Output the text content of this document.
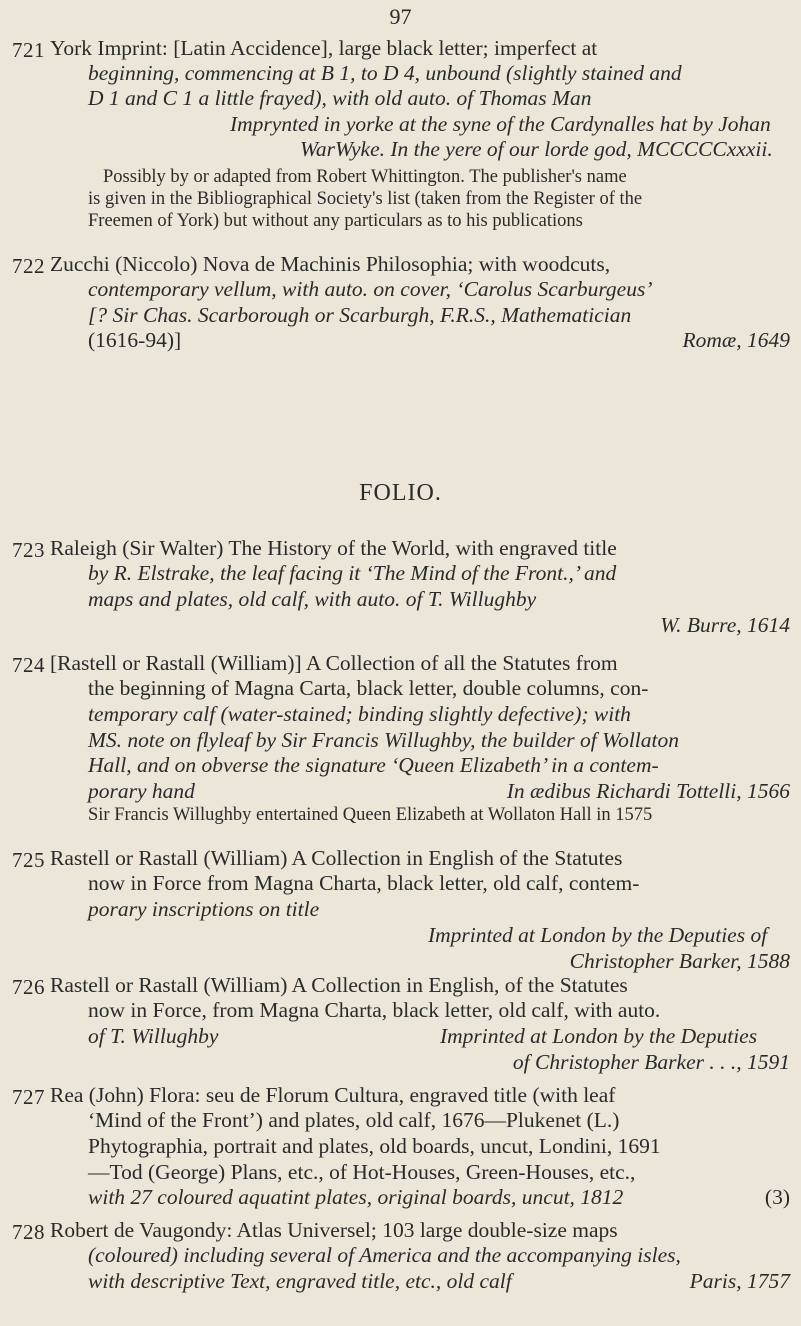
97
721 York Imprint: [Latin Accidence], large black letter; imperfect at
beginning, commencing at B 1, to D 4, unbound (slightly stained and
D 1 and C 1 a little frayed), with old auto. of Thomas Man
Imprynted in yorke at the syne of the Cardynalles hat by Johan
WarWyke. In the yere of our lorde god, MCCCCCxxxii.
Possibly by or adapted from Robert Whittington. The publisher's name
is given in the Bibliographical Society's list (taken from the Register of the
Freemen of York) but without any particulars as to his publications
722 Zucchi (Niccolo) Nova de Machinis Philosophia; with woodcuts,
contemporary vellum, with auto. on cover, ‘Carolus Scarburgeus’
[? Sir Chas. Scarborough or Scarburgh, F.R.S., Mathematician
(1616-94)]	Romæ, 1649
FOLIO.
723 Raleigh (Sir Walter) The History of the World, with engraved title
by R. Elstrake, the leaf facing it ‘The Mind of the Front.,’ and
maps and plates, old calf, with auto. of T. Willughby
W. Burre, 1614
724 [Rastell or Rastall (William)] A Collection of all the Statutes from
the beginning of Magna Carta, black letter, double columns, con-
temporary calf (water-stained; binding slightly defective); with
MS. note on flyleaf by Sir Francis Willughby, the builder of Wollaton
Hall, and on obverse the signature ‘Queen Elizabeth’ in a contem-
porary hand	In ædibus Richardi Tottelli, 1566
Sir Francis Willughby entertained Queen Elizabeth at Wollaton Hall in 1575
725 Rastell or Rastall (William) A Collection in English of the Statutes
now in Force from Magna Charta, black letter, old calf, contem-
porary inscriptions on title
Imprinted at London by the Deputies of
Christopher Barker, 1588
726 Rastell or Rastall (William) A Collection in English, of the Statutes
now in Force, from Magna Charta, black letter, old calf, with auto.
of T. Willughby	Imprinted at London by the Deputies
of Christopher Barker . . ., 1591
727 Rea (John) Flora: seu de Florum Cultura, engraved title (with leaf
‘Mind of the Front’) and plates, old calf, 1676—Plukenet (L.)
Phytographia, portrait and plates, old boards, uncut, Londini, 1691
—Tod (George) Plans, etc., of Hot-Houses, Green-Houses, etc.,
with 27 coloured aquatint plates, original boards, uncut, 1812	(3)
728 Robert de Vaugondy: Atlas Universel; 103 large double-size maps
(coloured) including several of America and the accompanying isles,
with descriptive Text, engraved title, etc., old calf	Paris, 1757
